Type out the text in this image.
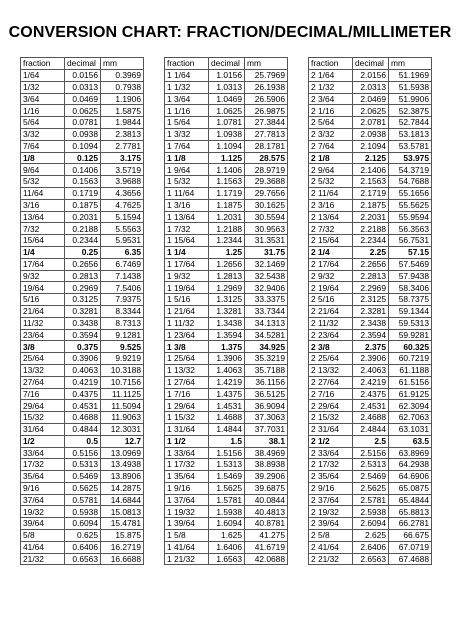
CONVERSION CHART: FRACTION/DECIMAL/MILLIMETER
fraction	decimal	mm
1/64	0.0156	0.3969
1/32	0.0313	0.7938
3/64	0.0469	1.1906
1/16	0.0625	1.5875
5/64	0.0781	1.9844
3/32	0.0938	2.3813
7/64	0.1094	2.7781
1/8	0.125	3.175
9/64	0.1406	3.5719
5/32	0.1563	3.9688
11/64	0.1719	4.3656
3/16	0.1875	4.7625
13/64	0.2031	5.1594
7/32	0.2188	5.5563
15/64	0.2344	5.9531
1/4	0.25	6.35
17/64	0.2656	6.7469
9/32	0.2813	7.1438
19/64	0.2969	7.5406
5/16	0.3125	7.9375
21/64	0.3281	8.3344
11/32	0.3438	8.7313
23/64	0.3594	9.1281
3/8	0.375	9.525
25/64	0.3906	9.9219
13/32	0.4063	10.3188
27/64	0.4219	10.7156
7/16	0.4375	11.1125
29/64	0.4531	11.5094
15/32	0.4688	11.9063
31/64	0.4844	12.3031
1/2	0.5	12.7
33/64	0.5156	13.0969
17/32	0.5313	13.4938
35/64	0.5469	13.8906
9/16	0.5625	14.2875
37/64	0.5781	14.6844
19/32	0.5938	15.0813
39/64	0.6094	15.4781
5/8	0.625	15.875
41/64	0.6406	16.2719
21/32	0.6563	16.6688
fraction	decimal	mm
1 1/64	1.0156	25.7969
1 1/32	1.0313	26.1938
1 3/64	1.0469	26.5906
1 1/16	1.0625	26.9875
1 5/64	1.0781	27.3844
1 3/32	1.0938	27.7813
1 7/64	1.1094	28.1781
1 1/8	1.125	28.575
1 9/64	1.1406	28.9719
1 5/32	1.1563	29.3688
1 11/64	1.1719	29.7656
1 3/16	1.1875	30.1625
1 13/64	1.2031	30.5594
1 7/32	1.2188	30.9563
1 15/64	1.2344	31.3531
1 1/4	1.25	31.75
1 17/64	1.2656	32.1469
1 9/32	1.2813	32.5438
1 19/64	1.2969	32.9406
1 5/16	1.3125	33.3375
1 21/64	1.3281	33.7344
1 11/32	1.3438	34.1313
1 23/64	1.3594	34.5281
1 3/8	1.375	34.925
1 25/64	1.3906	35.3219
1 13/32	1.4063	35.7188
1 27/64	1.4219	36.1156
1 7/16	1.4375	36.5125
1 29/64	1.4531	36.9094
1 15/32	1.4688	37.3063
1 31/64	1.4844	37.7031
1 1/2	1.5	38.1
1 33/64	1.5156	38.4969
1 17/32	1.5313	38.8938
1 35/64	1.5469	39.2906
1 9/16	1.5625	39.6875
1 37/64	1.5781	40.0844
1 19/32	1.5938	40.4813
1 39/64	1.6094	40.8781
1 5/8	1.625	41.275
1 41/64	1.6406	41.6719
1 21/32	1.6563	42.0688
fraction	decimal	mm
2 1/64	2.0156	51.1969
2 1/32	2.0313	51.5938
2 3/64	2.0469	51.9906
2 1/16	2.0625	52.3875
2 5/64	2.0781	52.7844
2 3/32	2.0938	53.1813
2 7/64	2.1094	53.5781
2 1/8	2.125	53.975
2 9/64	2.1406	54.3719
2 5/32	2.1563	54.7688
2 11/64	2.1719	55.1656
2 3/16	2.1875	55.5625
2 13/64	2.2031	55.9594
2 7/32	2.2188	56.3563
2 15/64	2.2344	56.7531
2 1/4	2.25	57.15
2 17/64	2.2656	57.5469
2 9/32	2.2813	57.9438
2 19/64	2.2969	58.3406
2 5/16	2.3125	58.7375
2 21/64	2.3281	59.1344
2 11/32	2.3438	59.5313
2 23/64	2.3594	59.9281
2 3/8	2.375	60.325
2 25/64	2.3906	60.7219
2 13/32	2.4063	61.1188
2 27/64	2.4219	61.5156
2 7/16	2.4375	61.9125
2 29/64	2.4531	62.3094
2 15/32	2.4688	62.7063
2 31/64	2.4844	63.1031
2 1/2	2.5	63.5
2 33/64	2.5156	63.8969
2 17/32	2.5313	64.2938
2 35/64	2.5469	64.6906
2 9/16	2.5625	65.0875
2 37/64	2.5781	65.4844
2 19/32	2.5938	65.8813
2 39/64	2.6094	66.2781
2 5/8	2.625	66.675
2 41/64	2.6406	67.0719
2 21/32	2.6563	67.4688
